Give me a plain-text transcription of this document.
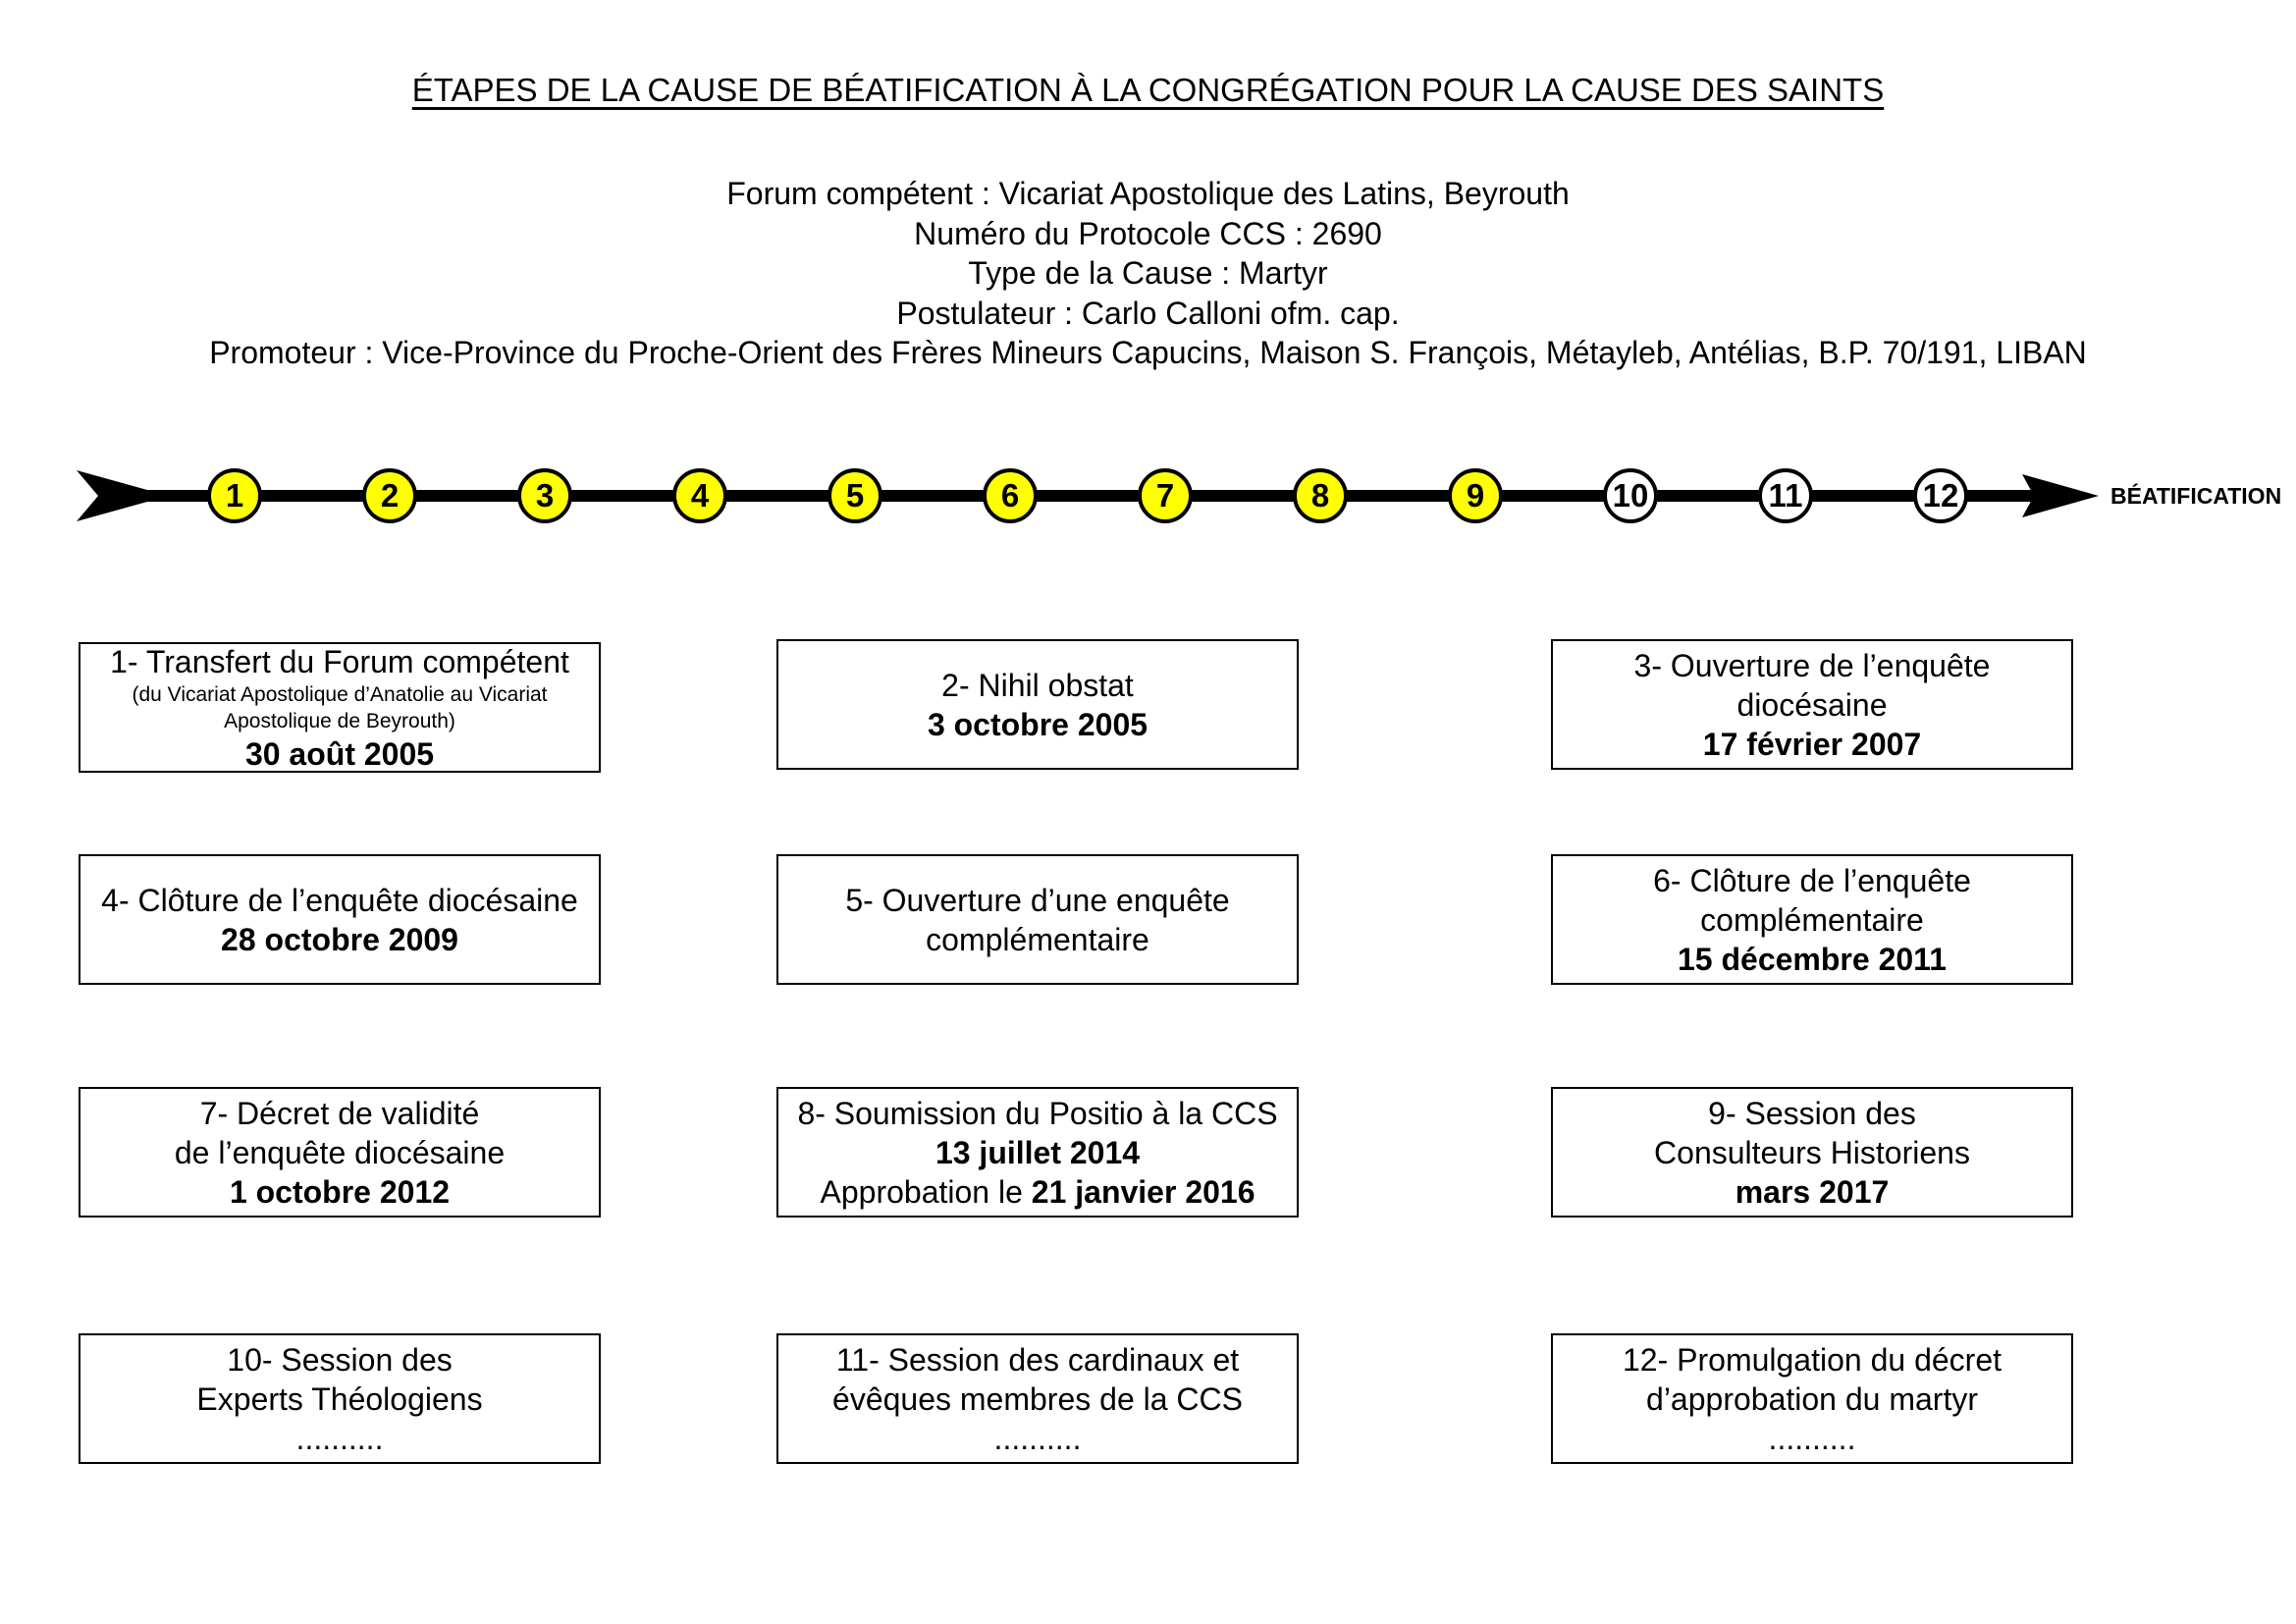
ÉTAPES DE LA CAUSE DE BÉATIFICATION À LA CONGRÉGATION POUR LA CAUSE DES SAINTS
Forum compétent : Vicariat Apostolique des Latins, Beyrouth
Numéro du Protocole CCS : 2690
Type de la Cause : Martyr
Postulateur : Carlo Calloni ofm. cap.
Promoteur : Vice-Province du Proche-Orient des Frères Mineurs Capucins, Maison S. François, Métayleb, Antélias, B.P. 70/191, LIBAN
1	2	3	4	5	6	7	8	9	10	11	12	BÉATIFICATION
1- Transfert du Forum compétent
(du Vicariat Apostolique d’Anatolie au Vicariat
Apostolique de Beyrouth)
30 août 2005
2- Nihil obstat
3 octobre 2005
3- Ouverture de l’enquête
diocésaine
17 février 2007
4- Clôture de l’enquête diocésaine
28 octobre 2009
5- Ouverture d’une enquête
complémentaire
6- Clôture de l’enquête
complémentaire
15 décembre 2011
7- Décret de validité
de l’enquête diocésaine
1 octobre 2012
8- Soumission du Positio à la CCS
13 juillet 2014
Approbation le 21 janvier 2016
9- Session des
Consulteurs Historiens
mars 2017
10- Session des
Experts Théologiens
..........
11- Session des cardinaux et
évêques membres de la CCS
..........
12- Promulgation du décret
d’approbation du martyr
..........
